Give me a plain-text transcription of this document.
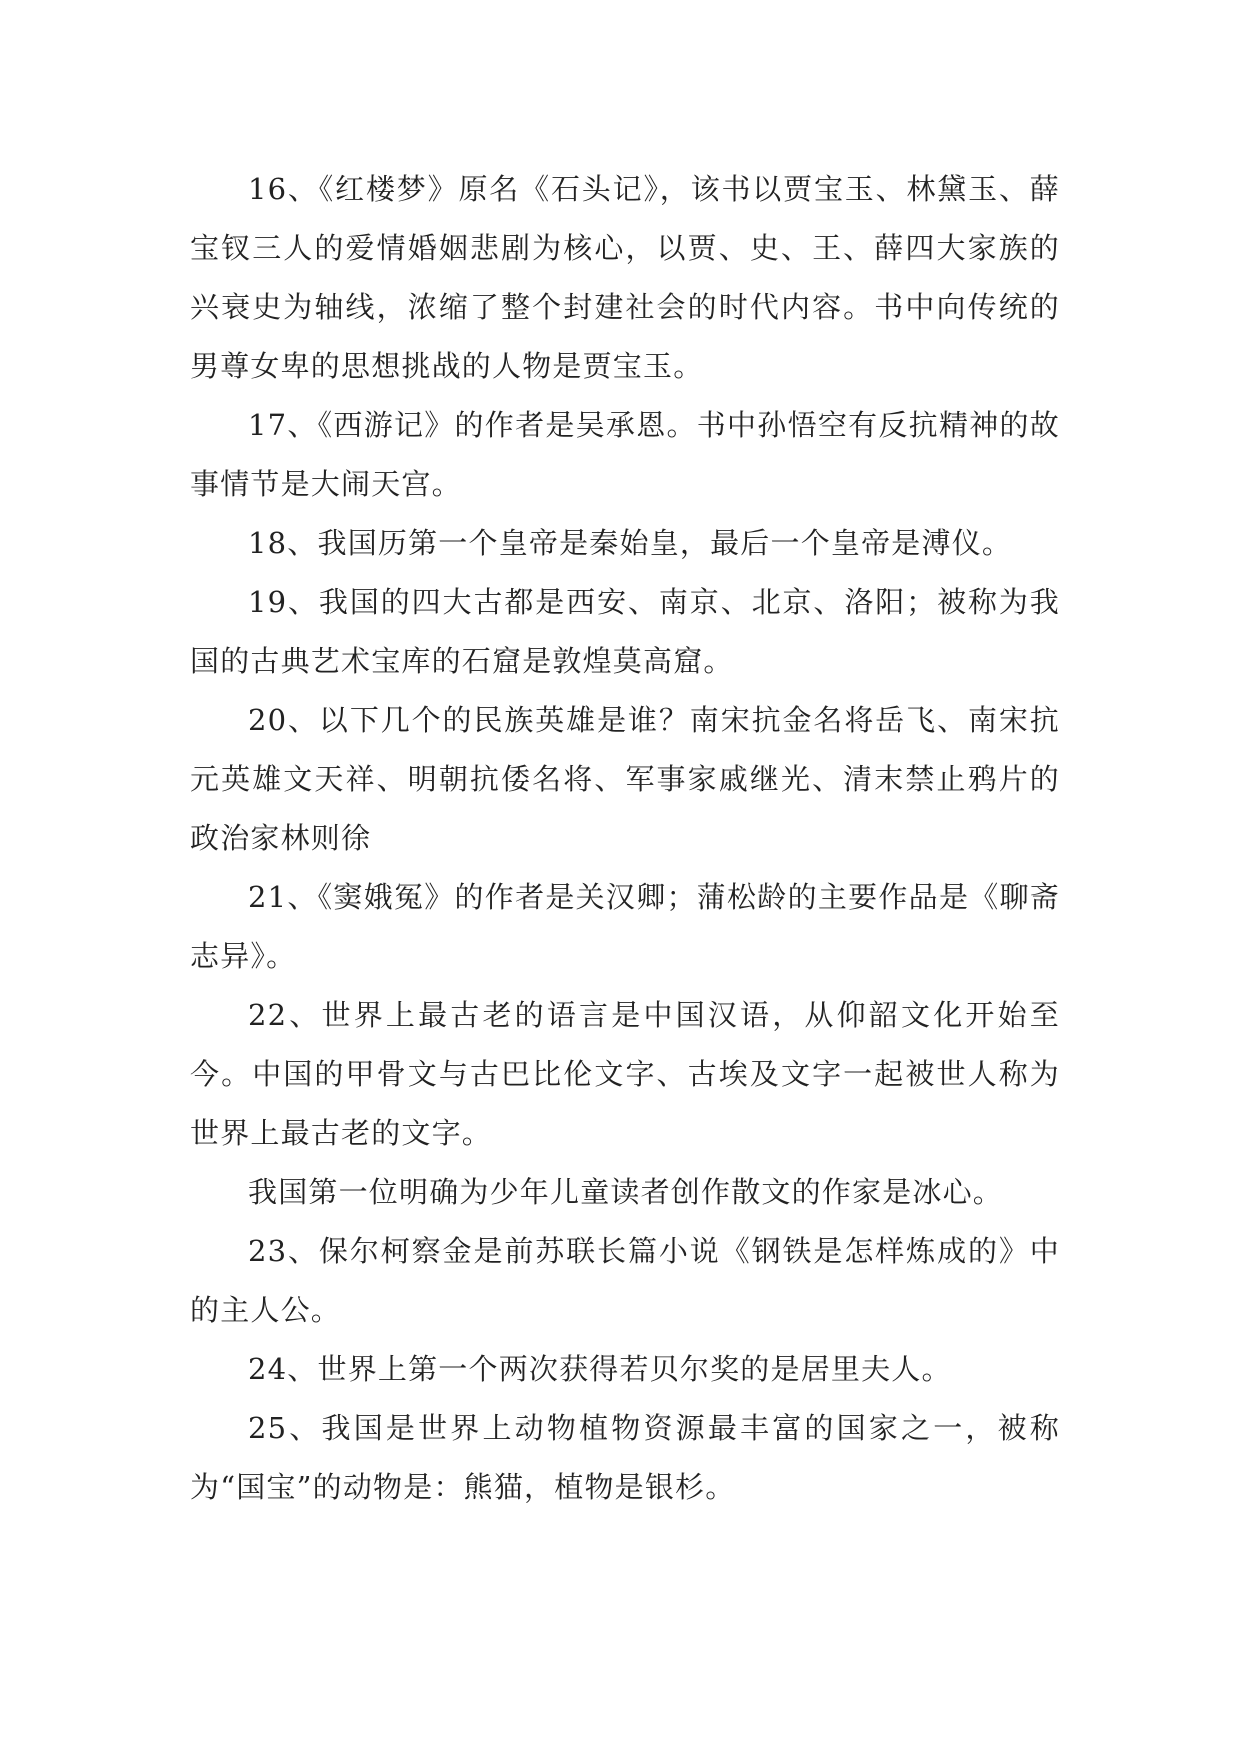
16、《红楼梦》原名《石头记》，该书以贾宝玉、林黛玉、薛宝钗三人的爱情婚姻悲剧为核心，以贾、史、王、薛四大家族的兴衰史为轴线，浓缩了整个封建社会的时代内容。书中向传统的男尊女卑的思想挑战的人物是贾宝玉。

17、《西游记》的作者是吴承恩。书中孙悟空有反抗精神的故事情节是大闹天宫。

18、我国历第一个皇帝是秦始皇，最后一个皇帝是溥仪。

19、我国的四大古都是西安、南京、北京、洛阳；被称为我国的古典艺术宝库的石窟是敦煌莫高窟。

20、以下几个的民族英雄是谁？南宋抗金名将岳飞、南宋抗元英雄文天祥、明朝抗倭名将、军事家戚继光、清末禁止鸦片的政治家林则徐

21、《窦娥冤》的作者是关汉卿；蒲松龄的主要作品是《聊斋志异》。

22、世界上最古老的语言是中国汉语，从仰韶文化开始至今。中国的甲骨文与古巴比伦文字、古埃及文字一起被世人称为世界上最古老的文字。

我国第一位明确为少年儿童读者创作散文的作家是冰心。

23、保尔柯察金是前苏联长篇小说《钢铁是怎样炼成的》中的主人公。

24、世界上第一个两次获得若贝尔奖的是居里夫人。

25、我国是世界上动物植物资源最丰富的国家之一，被称为“国宝”的动物是：熊猫，植物是银杉。
